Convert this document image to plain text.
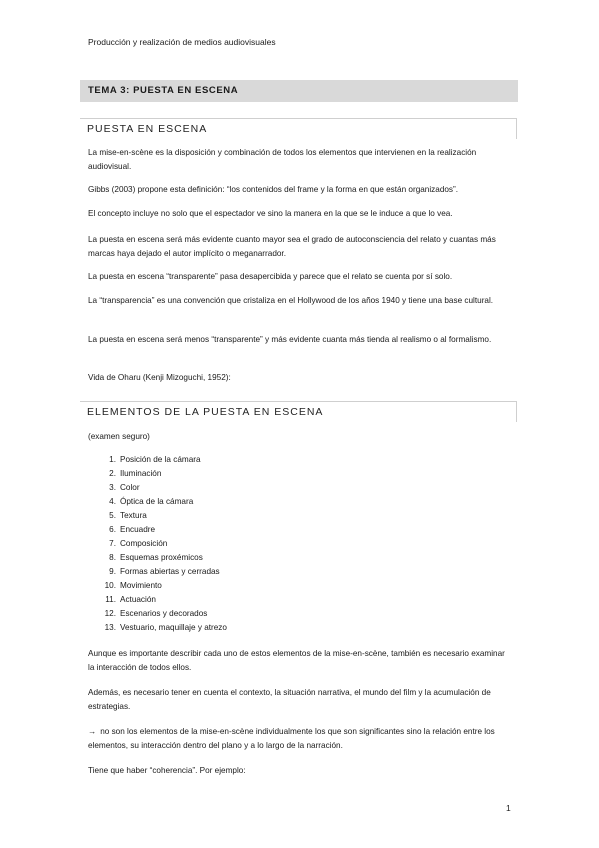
Producción y realización de medios audiovisuales
TEMA 3: PUESTA EN ESCENA
PUESTA EN ESCENA

La mise-en-scène es la disposición y combinación de todos los elementos que intervienen en la realización audiovisual.

Gibbs (2003) propone esta definición: “los contenidos del frame y la forma en que están organizados”.

El concepto incluye no solo que el espectador ve sino la manera en la que se le induce a que lo vea.

La puesta en escena será más evidente cuanto mayor sea el grado de autoconsciencia del relato y cuantas más marcas haya dejado el autor implícito o meganarrador.

La puesta en escena “transparente” pasa desapercibida y parece que el relato se cuenta por sí solo.

La “transparencia” es una convención que cristaliza en el Hollywood de los años 1940 y tiene una base cultural.

La puesta en escena será menos “transparente” y más evidente cuanta más tienda al realismo o al formalismo.

Vida de Oharu (Kenji Mizoguchi, 1952):

ELEMENTOS DE LA PUESTA EN ESCENA

(examen seguro)

1. Posición de la cámara
2. Iluminación
3. Color
4. Óptica de la cámara
5. Textura
6. Encuadre
7. Composición
8. Esquemas proxémicos
9. Formas abiertas y cerradas
10. Movimiento
11. Actuación
12. Escenarios y decorados
13. Vestuario, maquillaje y atrezo

Aunque es importante describir cada uno de estos elementos de la mise-en-scène, también es necesario examinar la interacción de todos ellos.

Además, es necesario tener en cuenta el contexto, la situación narrativa, el mundo del film y la acumulación de estrategias.

→ no son los elementos de la mise-en-scène individualmente los que son significantes sino la relación entre los elementos, su interacción dentro del plano y a lo largo de la narración.

Tiene que haber “coherencia”. Por ejemplo:

1
